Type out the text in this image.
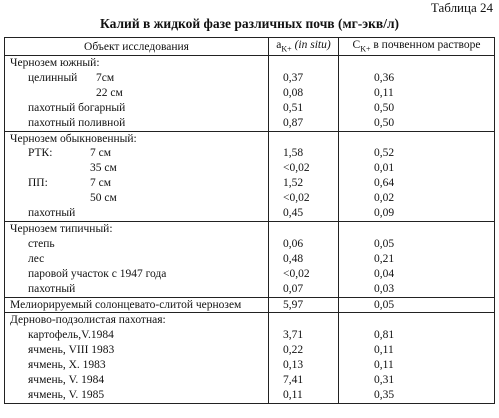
Таблица 24
Калий в жидкой фазе различных почв (мг-экв/л)
Объект исследования	$a_{K+}$ (in situ)	$C_{K+}$ в почвенном растворе
Чернозем южный:		
целинный 7см	0,37	0,36
22 см	0,08	0,11
пахотный богарный	0,51	0,50
пахотный поливной	0,87	0,50
Чернозем обыкновенный:		
РТК: 7 см	1,58	0,52
35 см	<0,02	0,01
ПП: 7 см	1,52	0,64
50 см	<0,02	0,02
пахотный	0,45	0,09
Чернозем типичный:		
степь	0,06	0,05
лес	0,48	0,21
паровой участок с 1947 года	<0,02	0,04
пахотный	0,07	0,03
Мелиорируемый солонцевато-слитой чернозем	5,97	0,05
Дерново-подзолистая пахотная:		
картофель,V.1984	3,71	0,81
ячмень, VIII 1983	0,22	0,11
ячмень, X. 1983	0,13	0,11
ячмень, V. 1984	7,41	0,31
ячмень, V. 1985	0,11	0,35
